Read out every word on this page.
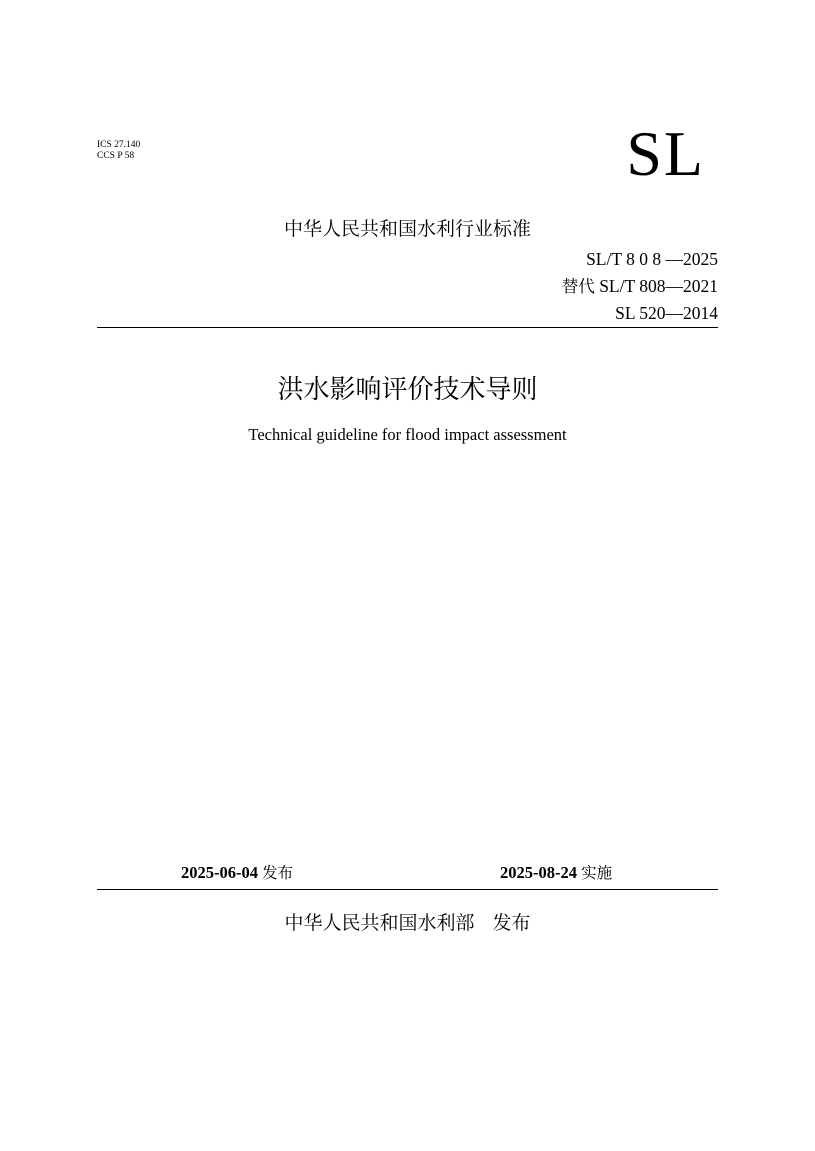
ICS 27.140
CCS P 58	SL
中华人民共和国水利行业标准
SL/T 8 0 8 —2025
替代 SL/T 808—2021
SL 520—2014
洪水影响评价技术导则
Technical guideline for flood impact assessment
2025-06-04 发布	2025-08-24 实施
中华人民共和国水利部   发布
